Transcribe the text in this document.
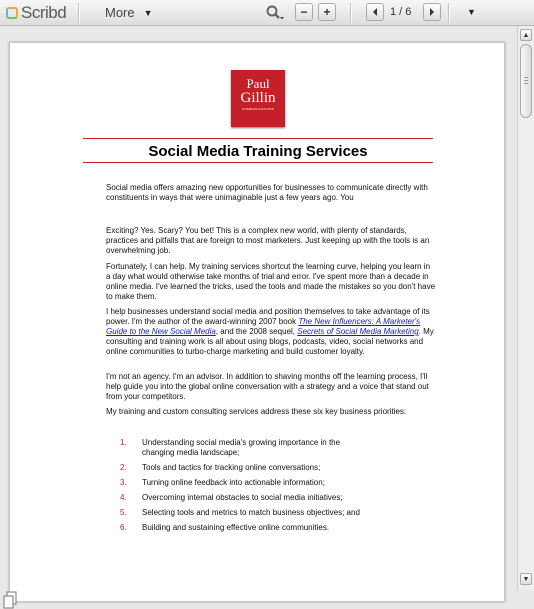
Scribd	More ▼	−	+	1 / 6	▼
Paul
Gillin
COMMUNICATIONS
Social Media Training Services

Social media offers amazing new opportunities for businesses to communicate directly with constituents in ways that were unimaginable just a few years ago. You

Exciting? Yes. Scary? You bet! This is a complex new world, with plenty of standards, practices and pitfalls that are foreign to most marketers. Just keeping up with the tools is an overwhelming job.

Fortunately, I can help. My training services shortcut the learning curve, helping you learn in a day what would otherwise take months of trial and error. I've spent more than a decade in online media. I've learned the tricks, used the tools and made the mistakes so you don't have to make them.

I help businesses understand social media and position themselves to take advantage of its power. I'm the author of the award-winning 2007 book The New Influencers: A Marketer's Guide to the New Social Media, and the 2008 sequel, Secrets of Social Media Marketing. My consulting and training work is all about using blogs, podcasts, video, social networks and online communities to turbo-charge marketing and build customer loyalty.

I'm not an agency. I'm an advisor. In addition to shaving months off the learning process, I'll help guide you into the global online conversation with a strategy and a voice that stand out from your competitors.

My training and custom consulting services address these six key business priorities:

1.	Understanding social media's growing importance in the changing media landscape;
2.	Tools and tactics for tracking online conversations;
3.	Turning online feedback into actionable information;
4.	Overcoming internal obstacles to social media initiatives;
5.	Selecting tools and metrics to match business objectives; and
6.	Building and sustaining effective online communities.
▲
▼
